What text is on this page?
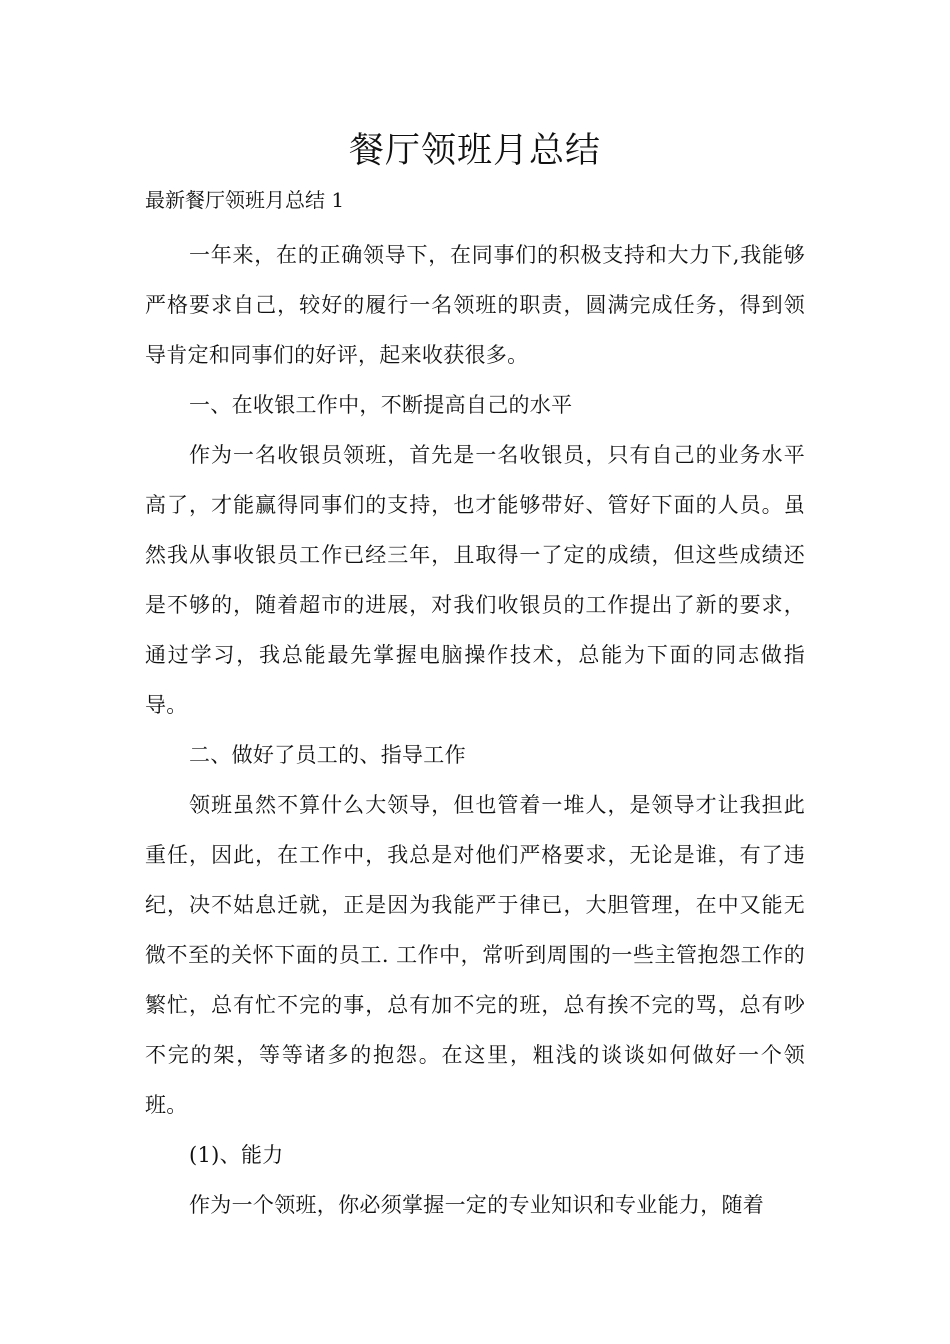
餐厅领班月总结
最新餐厅领班月总结 1

一年来，在的正确领导下，在同事们的积极支持和大力下,我能够严格要求自己，较好的履行一名领班的职责，圆满完成任务，得到领导肯定和同事们的好评，起来收获很多。

一、在收银工作中，不断提高自己的水平

作为一名收银员领班，首先是一名收银员，只有自己的业务水平高了，才能赢得同事们的支持，也才能够带好、管好下面的人员。虽然我从事收银员工作已经三年，且取得一了定的成绩，但这些成绩还是不够的，随着超市的进展，对我们收银员的工作提出了新的要求，通过学习，我总能最先掌握电脑操作技术，总能为下面的同志做指导。

二、做好了员工的、指导工作

领班虽然不算什么大领导，但也管着一堆人，是领导才让我担此重任，因此，在工作中，我总是对他们严格要求，无论是谁，有了违纪，决不姑息迁就，正是因为我能严于律已，大胆管理，在中又能无微不至的关怀下面的员工. 工作中，常听到周围的一些主管抱怨工作的繁忙，总有忙不完的事，总有加不完的班，总有挨不完的骂，总有吵不完的架，等等诸多的抱怨。在这里，粗浅的谈谈如何做好一个领班。

(1)、能力

作为一个领班，你必须掌握一定的专业知识和专业能力，随着
